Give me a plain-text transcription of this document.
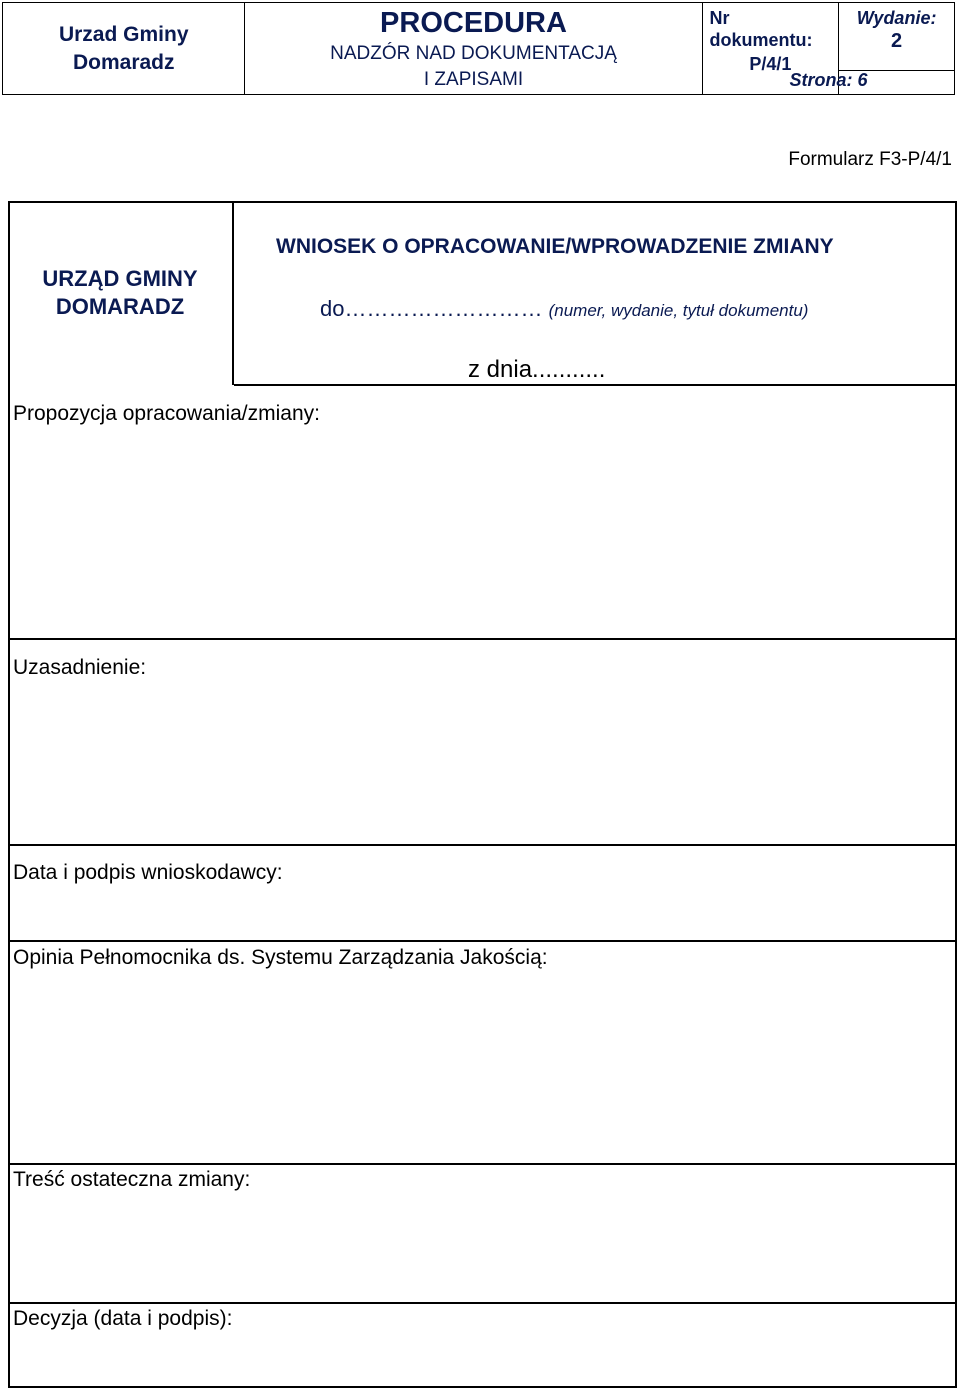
Urzad Gminy
Domaradz
PROCEDURA
NADZÓR NAD DOKUMENTACJĄ
I ZAPISAMI
Nr
dokumentu:
P/4/1
Wydanie:
2
Strona: 6
Formularz F3-P/4/1
URZĄD GMINY
DOMARADZ
WNIOSEK O OPRACOWANIE/WPROWADZENIE ZMIANY
do……………………… (numer, wydanie, tytuł dokumentu)
z dnia...........
Propozycja opracowania/zmiany:
Uzasadnienie:
Data i podpis wnioskodawcy:
Opinia Pełnomocnika ds. Systemu Zarządzania Jakością:
Treść ostateczna zmiany:
Decyzja (data i podpis):
